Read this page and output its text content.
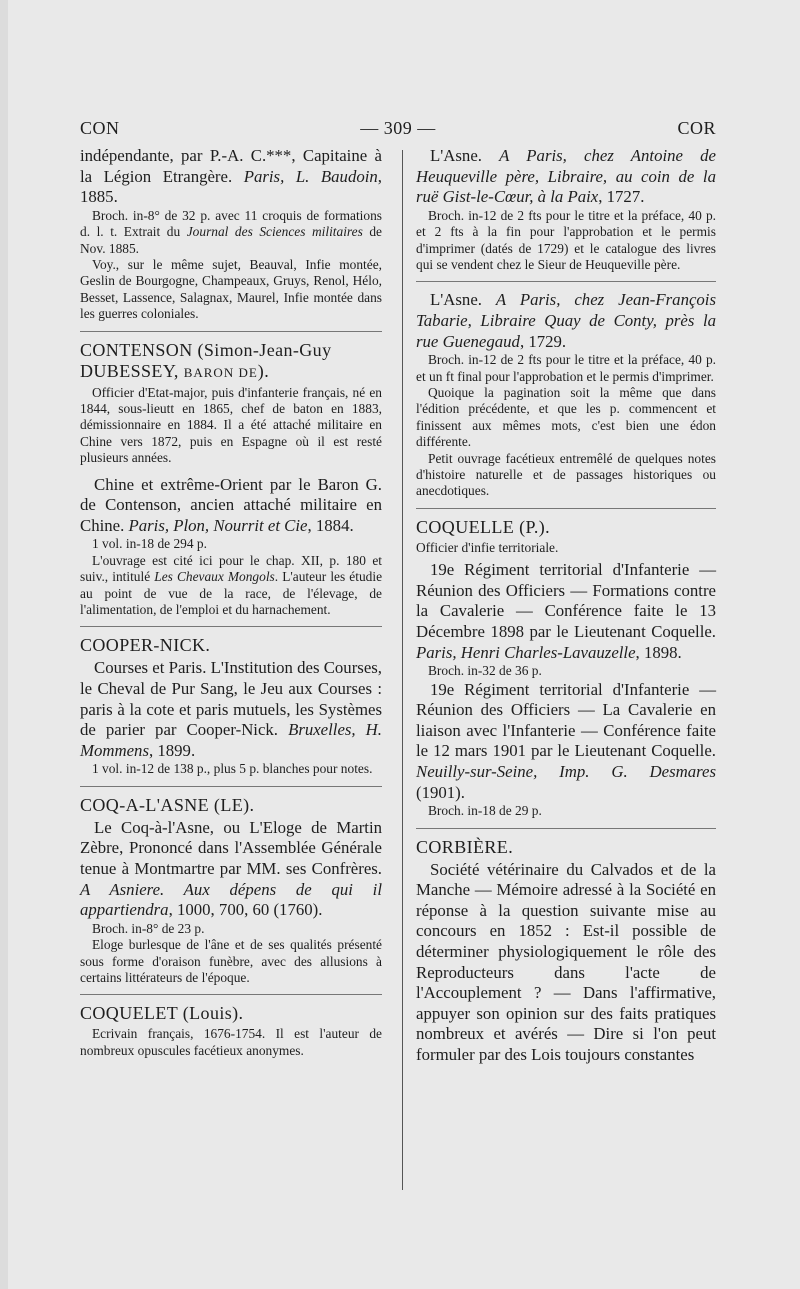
CON	— 309 —	COR
indépendante, par P.-A. C.***, Capitaine à la Légion Etrangère. Paris, L. Baudoin, 1885.
Broch. in-8° de 32 p. avec 11 croquis de formations d. l. t. Extrait du Journal des Sciences militaires de Nov. 1885.
Voy., sur le même sujet, Beauval, Infie montée, Geslin de Bourgogne, Champeaux, Gruys, Renol, Hélo, Besset, Lassence, Salagnax, Maurel, Infie montée dans les guerres coloniales.
CONTENSON (Simon-Jean-Guy DUBESSEY, BARON DE).
Officier d'Etat-major, puis d'infanterie français, né en 1844, sous-lieutt en 1865, chef de baton en 1883, démissionnaire en 1884. Il a été attaché militaire en Chine vers 1872, puis en Espagne où il est resté plusieurs années.
Chine et extrême-Orient par le Baron G. de Contenson, ancien attaché militaire en Chine. Paris, Plon, Nourrit et Cie, 1884.
1 vol. in-18 de 294 p.
L'ouvrage est cité ici pour le chap. XII, p. 180 et suiv., intitulé Les Chevaux Mongols. L'auteur les étudie au point de vue de la race, de l'élevage, de l'alimentation, de l'emploi et du harnachement.
COOPER-NICK.
Courses et Paris. L'Institution des Courses, le Cheval de Pur Sang, le Jeu aux Courses : paris à la cote et paris mutuels, les Systèmes de parier par Cooper-Nick. Bruxelles, H. Mommens, 1899.
1 vol. in-12 de 138 p., plus 5 p. blanches pour notes.
COQ-A-L'ASNE (LE).
Le Coq-à-l'Asne, ou L'Eloge de Martin Zèbre, Prononcé dans l'Assemblée Générale tenue à Montmartre par MM. ses Confrères. A Asniere. Aux dépens de qui il appartiendra, 1000, 700, 60 (1760).
Broch. in-8° de 23 p.
Eloge burlesque de l'âne et de ses qualités présenté sous forme d'oraison funèbre, avec des allusions à certains littérateurs de l'époque.
COQUELET (Louis).
Ecrivain français, 1676-1754. Il est l'auteur de nombreux opuscules facétieux anonymes.
L'Asne. A Paris, chez Antoine de Heuqueville père, Libraire, au coin de la ruë Gist-le-Cœur, à la Paix, 1727.
Broch. in-12 de 2 fts pour le titre et la préface, 40 p. et 2 fts à la fin pour l'approbation et le permis d'imprimer (datés de 1729) et le catalogue des livres qui se vendent chez le Sieur de Heuqueville père.
L'Asne. A Paris, chez Jean-François Tabarie, Libraire Quay de Conty, près la rue Guenegaud, 1729.
Broch. in-12 de 2 fts pour le titre et la préface, 40 p. et un ft final pour l'approbation et le permis d'imprimer.
Quoique la pagination soit la même que dans l'édition précédente, et que les p. commencent et finissent aux mêmes mots, c'est bien une édon différente.
Petit ouvrage facétieux entremêlé de quelques notes d'histoire naturelle et de passages historiques ou anecdotiques.
COQUELLE (P.).
Officier d'infie territoriale.
19e Régiment territorial d'Infanterie — Réunion des Officiers — Formations contre la Cavalerie — Conférence faite le 13 Décembre 1898 par le Lieutenant Coquelle. Paris, Henri Charles-Lavauzelle, 1898.
Broch. in-32 de 36 p.
19e Régiment territorial d'Infanterie — Réunion des Officiers — La Cavalerie en liaison avec l'Infanterie — Conférence faite le 12 mars 1901 par le Lieutenant Coquelle. Neuilly-sur-Seine, Imp. G. Desmares (1901).
Broch. in-18 de 29 p.
CORBIÈRE.
Société vétérinaire du Calvados et de la Manche — Mémoire adressé à la Société en réponse à la question suivante mise au concours en 1852 : Est-il possible de déterminer physiologiquement le rôle des Reproducteurs dans l'acte de l'Accouplement ? — Dans l'affirmative, appuyer son opinion sur des faits pratiques nombreux et avérés — Dire si l'on peut formuler par des Lois toujours constantes
